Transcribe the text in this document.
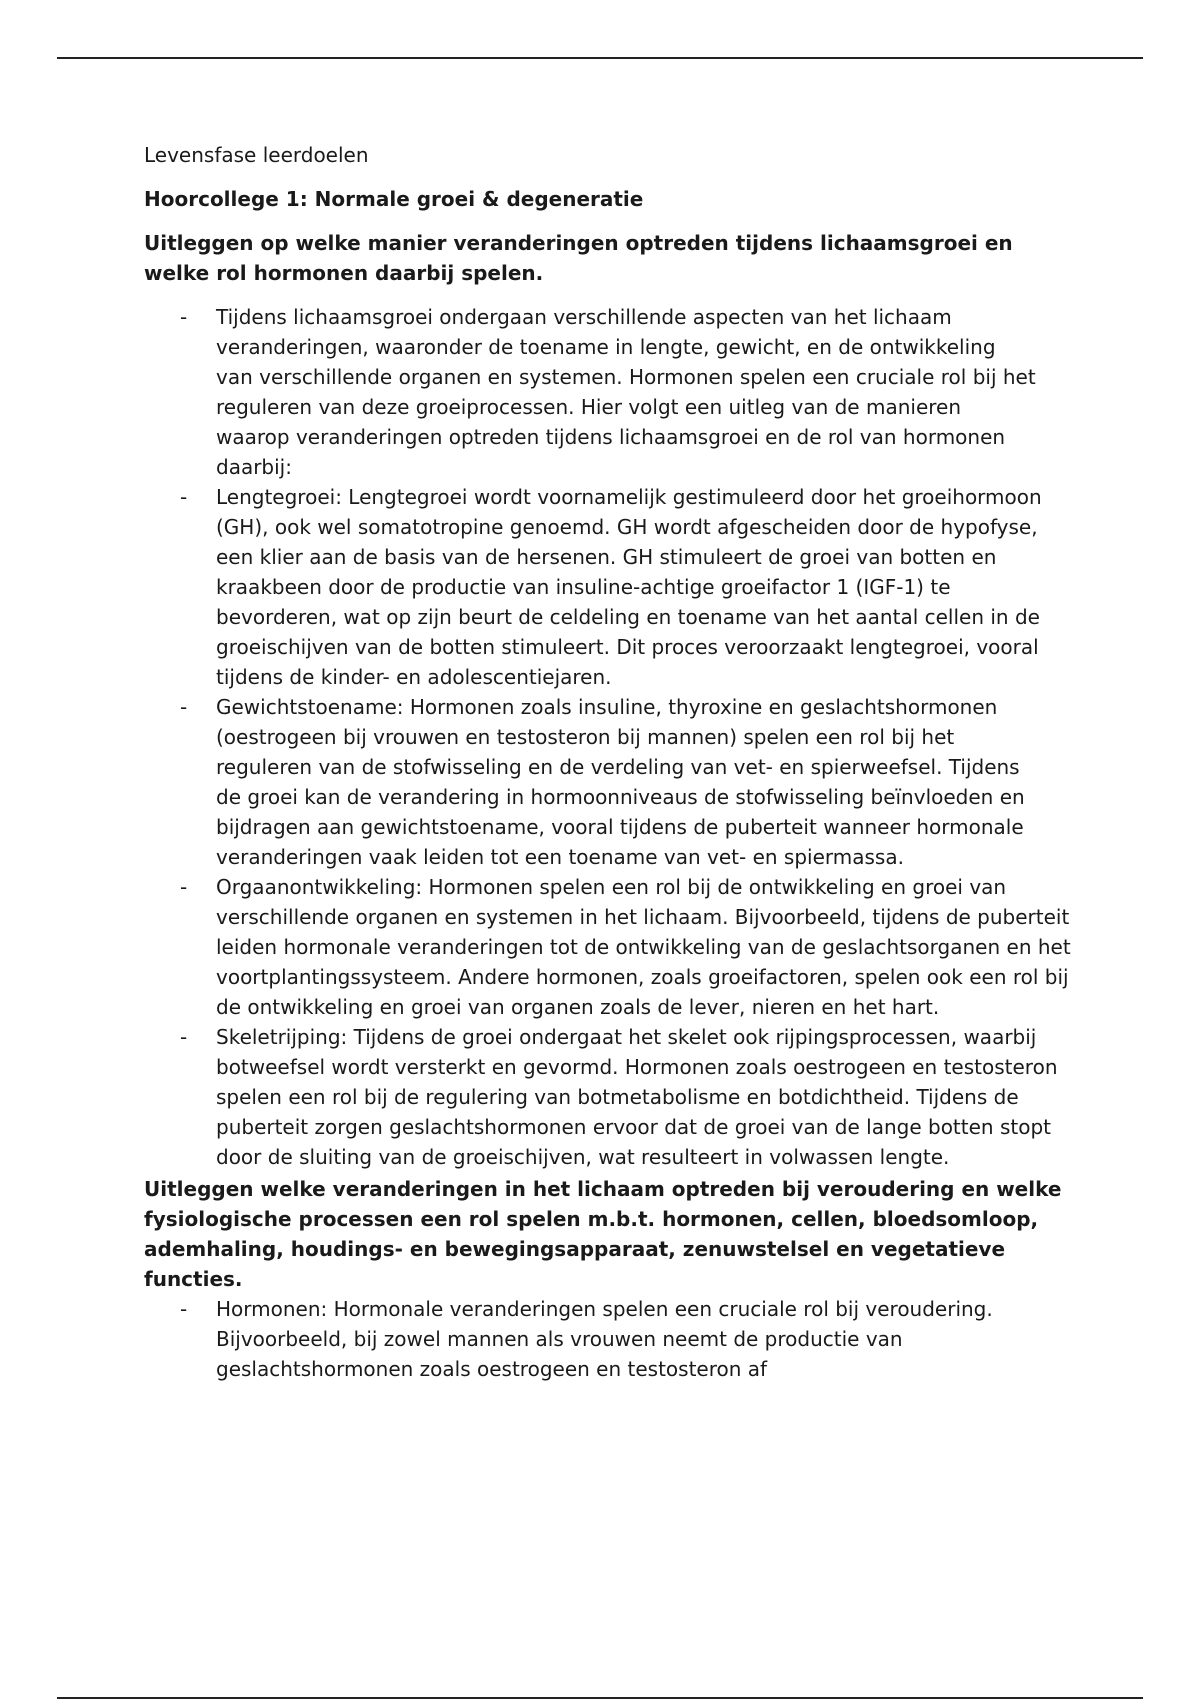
Levensfase leerdoelen

Hoorcollege 1: Normale groei & degeneratie

Uitleggen op welke manier veranderingen optreden tijdens lichaamsgroei en welke rol hormonen daarbij spelen.

- Tijdens lichaamsgroei ondergaan verschillende aspecten van het lichaam veranderingen, waaronder de toename in lengte, gewicht, en de ontwikkeling van verschillende organen en systemen. Hormonen spelen een cruciale rol bij het reguleren van deze groeiprocessen. Hier volgt een uitleg van de manieren waarop veranderingen optreden tijdens lichaamsgroei en de rol van hormonen daarbij:
- Lengtegroei: Lengtegroei wordt voornamelijk gestimuleerd door het groeihormoon (GH), ook wel somatotropine genoemd. GH wordt afgescheiden door de hypofyse, een klier aan de basis van de hersenen. GH stimuleert de groei van botten en kraakbeen door de productie van insuline-achtige groeifactor 1 (IGF-1) te bevorderen, wat op zijn beurt de celdeling en toename van het aantal cellen in de groeischijven van de botten stimuleert. Dit proces veroorzaakt lengtegroei, vooral tijdens de kinder- en adolescentiejaren.
- Gewichtstoename: Hormonen zoals insuline, thyroxine en geslachtshormonen (oestrogeen bij vrouwen en testosteron bij mannen) spelen een rol bij het reguleren van de stofwisseling en de verdeling van vet- en spierweefsel. Tijdens de groei kan de verandering in hormoonniveaus de stofwisseling beïnvloeden en bijdragen aan gewichtstoename, vooral tijdens de puberteit wanneer hormonale veranderingen vaak leiden tot een toename van vet- en spiermassa.
- Orgaanontwikkeling: Hormonen spelen een rol bij de ontwikkeling en groei van verschillende organen en systemen in het lichaam. Bijvoorbeeld, tijdens de puberteit leiden hormonale veranderingen tot de ontwikkeling van de geslachtsorganen en het voortplantingssysteem. Andere hormonen, zoals groeifactoren, spelen ook een rol bij de ontwikkeling en groei van organen zoals de lever, nieren en het hart.
- Skeletrijping: Tijdens de groei ondergaat het skelet ook rijpingsprocessen, waarbij botweefsel wordt versterkt en gevormd. Hormonen zoals oestrogeen en testosteron spelen een rol bij de regulering van botmetabolisme en botdichtheid. Tijdens de puberteit zorgen geslachtshormonen ervoor dat de groei van de lange botten stopt door de sluiting van de groeischijven, wat resulteert in volwassen lengte.

Uitleggen welke veranderingen in het lichaam optreden bij veroudering en welke fysiologische processen een rol spelen m.b.t. hormonen, cellen, bloedsomloop, ademhaling, houdings- en bewegingsapparaat, zenuwstelsel en vegetatieve functies.

- Hormonen: Hormonale veranderingen spelen een cruciale rol bij veroudering. Bijvoorbeeld, bij zowel mannen als vrouwen neemt de productie van geslachtshormonen zoals oestrogeen en testosteron af
